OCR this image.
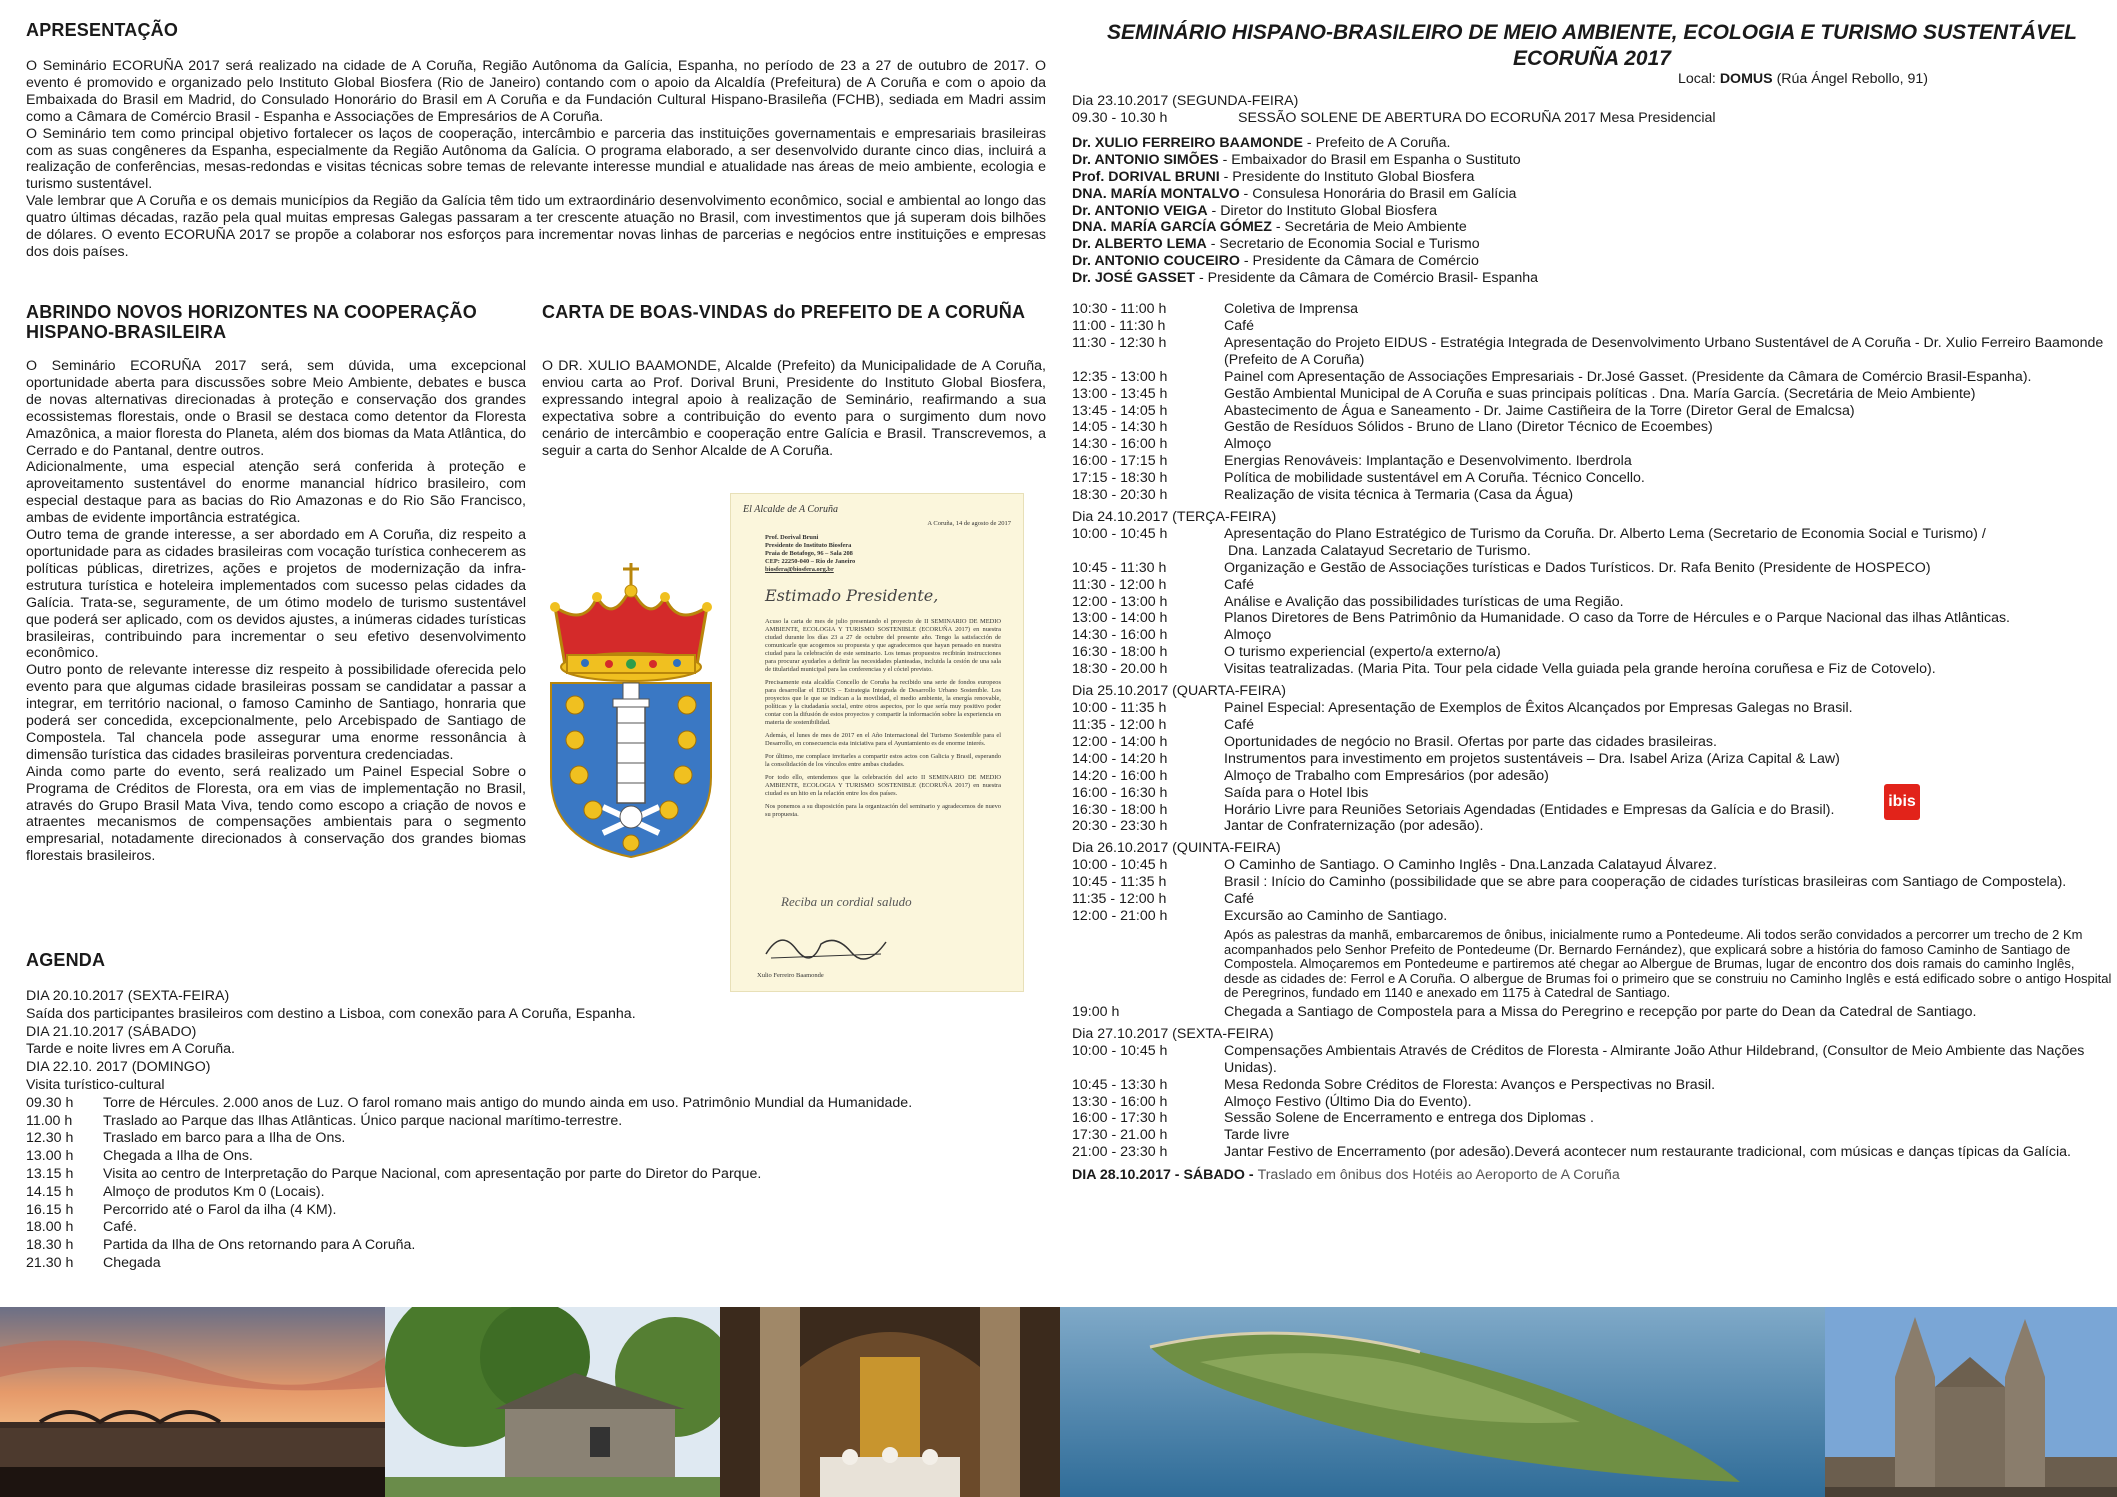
APRESENTAÇÃO

O Seminário ECORUÑA 2017 será realizado na cidade de A Coruña, Região Autônoma da Galícia, Espanha, no período de 23 a 27 de outubro de 2017. O evento é promovido e organizado pelo Instituto Global Biosfera (Rio de Janeiro) contando com o apoio da Alcaldía (Prefeitura) de A Coruña e com o apoio da Embaixada do Brasil em Madrid, do Consulado Honorário do Brasil em A Coruña e da Fundación Cultural Hispano-Brasileña (FCHB), sediada em Madri assim como a Câmara de Comércio Brasil - Espanha e Associações de Empresários de A Coruña.

O Seminário tem como principal objetivo fortalecer os laços de cooperação, intercâmbio e parceria das instituições governamentais e empresariais brasileiras com as suas congêneres da Espanha, especialmente da Região Autônoma da Galícia. O programa elaborado, a ser desenvolvido durante cinco dias, incluirá a realização de conferências, mesas-redondas e visitas técnicas sobre temas de relevante interesse mundial e atualidade nas áreas de meio ambiente, ecologia e turismo sustentável.

Vale lembrar que A Coruña e os demais municípios da Região da Galícia têm tido um extraordinário desenvolvimento econômico, social e ambiental ao longo das quatro últimas décadas, razão pela qual muitas empresas Galegas passaram a ter crescente atuação no Brasil, com investimentos que já superam dois bilhões de dólares. O evento ECORUÑA 2017 se propõe a colaborar nos esforços para incrementar novas linhas de parcerias e negócios entre instituições e empresas dos dois países.

ABRINDO NOVOS HORIZONTES NA COOPERAÇÃO HISPANO-BRASILEIRA

O Seminário ECORUÑA 2017 será, sem dúvida, uma excepcional oportunidade aberta para discussões sobre Meio Ambiente, debates e busca de novas alternativas direcionadas à proteção e conservação dos grandes ecossistemas florestais, onde o Brasil se destaca como detentor da Floresta Amazônica, a maior floresta do Planeta, além dos biomas da Mata Atlântica, do Cerrado e do Pantanal, dentre outros.

Adicionalmente, uma especial atenção será conferida à proteção e aproveitamento sustentável do enorme manancial hídrico brasileiro, com especial destaque para as bacias do Rio Amazonas e do Rio São Francisco, ambas de evidente importância estratégica.

Outro tema de grande interesse, a ser abordado em A Coruña, diz respeito a oportunidade para as cidades brasileiras com vocação turística conhecerem as políticas públicas, diretrizes, ações e projetos de modernização da infra-estrutura turística e hoteleira implementados com sucesso pelas cidades da Galícia. Trata-se, seguramente, de um ótimo modelo de turismo sustentável que poderá ser aplicado, com os devidos ajustes, a inúmeras cidades turísticas brasileiras, contribuindo para incrementar o seu efetivo desenvolvimento econômico.

Outro ponto de relevante interesse diz respeito à possibilidade oferecida pelo evento para que algumas cidade brasileiras possam se candidatar a passar a integrar, em território nacional, o famoso Caminho de Santiago, honraria que poderá ser concedida, excepcionalmente, pelo Arcebispado de Santiago de Compostela. Tal chancela pode assegurar uma enorme ressonância à dimensão turística das cidades brasileiras porventura credenciadas.

Ainda como parte do evento, será realizado um Painel Especial Sobre o Programa de Créditos de Floresta, ora em vias de implementação no Brasil, através do Grupo Brasil Mata Viva, tendo como escopo a criação de novos e atraentes mecanismos de compensações ambientais para o segmento empresarial, notadamente direcionados à conservação dos grandes biomas florestais brasileiros.

CARTA DE BOAS-VINDAS do PREFEITO DE A CORUÑA
O DR. XULIO BAAMONDE, Alcalde (Prefeito) da Municipalidade de A Coruña, enviou carta ao Prof. Dorival Bruni, Presidente do Instituto Global Biosfera, expressando integral apoio à realização de Seminário, reafirmando a sua expectativa sobre a contribuição do evento para o surgimento dum novo cenário de intercâmbio e cooperação entre Galícia e Brasil. Transcrevemos, a seguir a carta do Senhor Alcalde de A Coruña.
El Alcalde de A Coruña
A Coruña, 14 de agosto de 2017
Prof. Dorival Bruni
Presidente do Instituto Biosfera
Praia de Botafogo, 96 – Sala 208
CEP: 22250-040 – Rio de Janeiro
biosfera@biosfera.org.br
Estimado Presidente,

Acuso la carta de mes de julio presentando el proyecto de II SEMINARIO DE MEDIO AMBIENTE, ECOLOGIA Y TURISMO SOSTENIBLE (ECORUÑA 2017) en nuestra ciudad durante los días 23 a 27 de octubre del presente año. Tengo la satisfacción de comunicarle que acogemos su propuesta y que agradecemos que hayan pensado en nuestra ciudad para la celebración de este seminario. Los temas propuestos recibirán instrucciones para procurar ayudarles a definir las necesidades planteadas, incluida la cesión de una sala de titularidad municipal para las conferencias y el cóctel previsto.

Precisamente esta alcaldía Concello de Coruña ha recibido una serie de fondos europeos para desarrollar el EIDUS – Estrategia Integrada de Desarrollo Urbano Sostenible. Los proyectos que le que se indican a la movilidad, el medio ambiente, la energía renovable, políticas y la ciudadanía social, entre otros aspectos, por lo que sería muy positivo poder contar con la difusión de estos proyectos y compartir la información sobre la experiencia en materia de sostenibilidad.

Además, el lunes de mes de 2017 en el Año Internacional del Turismo Sostenible para el Desarrollo, en consecuencia esta iniciativa para el Ayuntamiento es de enorme interés.

Por último, me complace invitarles a compartir estos actos con Galicia y Brasil, esperando la consolidación de los vínculos entre ambas ciudades.

Por todo ello, entendemos que la celebración del acto II SEMINARIO DE MEDIO AMBIENTE, ECOLOGIA Y TURISMO SOSTENIBLE (ECORUÑA 2017) en nuestra ciudad es un hito en la relación entre los dos países.

Nos ponemos a su disposición para la organización del seminario y agradecemos de nuevo su propuesta.

Reciba un cordial saludo
Xulio Ferreiro Baamonde
AGENDA
DIA 20.10.2017 (SEXTA-FEIRA)
Saída dos participantes brasileiros com destino a Lisboa, com conexão para A Coruña, Espanha.
DIA 21.10.2017 (SÁBADO)
Tarde e noite livres em A Coruña.
DIA 22.10. 2017 (DOMINGO)
Visita turístico-cultural
09.30 h Torre de Hércules. 2.000 anos de Luz. O farol romano mais antigo do mundo ainda em uso. Patrimônio Mundial da Humanidade.
11.00 h Traslado ao Parque das Ilhas Atlânticas. Único parque nacional marítimo-terrestre.
12.30 h Traslado em barco para a Ilha de Ons.
13.00 h Chegada a Ilha de Ons.
13.15 h Visita ao centro de Interpretação do Parque Nacional, com apresentação por parte do Diretor do Parque.
14.15 h Almoço de produtos Km 0 (Locais).
16.15 h Percorrido até o Farol da ilha (4 KM).
18.00 h Café.
18.30 h Partida da Ilha de Ons retornando para A Coruña.
21.30 h Chegada
SEMINÁRIO HISPANO-BRASILEIRO DE MEIO AMBIENTE, ECOLOGIA E TURISMO SUSTENTÁVEL
ECORUÑA 2017
Local: DOMUS (Rúa Ángel Rebollo, 91)
Dia 23.10.2017 (SEGUNDA-FEIRA)
09.30 - 10.30 h	SESSÃO SOLENE DE ABERTURA DO ECORUÑA 2017 Mesa Presidencial
Dr. XULIO FERREIRO BAAMONDE - Prefeito de A Coruña.
Dr. ANTONIO SIMÕES - Embaixador do Brasil em Espanha o Sustituto
Prof. DORIVAL BRUNI - Presidente do Instituto Global Biosfera
DNA. MARÍA MONTALVO - Consulesa Honorária do Brasil em Galícia
Dr. ANTONIO VEIGA - Diretor do Instituto Global Biosfera
DNA. MARÍA GARCÍA GÓMEZ - Secretária de Meio Ambiente
Dr. ALBERTO LEMA - Secretario de Economia Social e Turismo
Dr. ANTONIO COUCEIRO - Presidente da Câmara de Comércio
Dr. JOSÉ GASSET - Presidente da Câmara de Comércio Brasil- Espanha
10:30 - 11:00 h	Coletiva de Imprensa
11:00 - 11:30 h	Café
11:30 - 12:30 h	Apresentação do Projeto EIDUS - Estratégia Integrada de Desenvolvimento Urbano Sustentável de A Coruña - Dr. Xulio Ferreiro Baamonde (Prefeito de A Coruña)
12:35 - 13:00 h	Painel com Apresentação de Associações Empresariais - Dr.José Gasset. (Presidente da Câmara de Comércio Brasil-Espanha).
13:00 - 13:45 h	Gestão Ambiental Municipal de A Coruña e suas principais políticas . Dna. María García. (Secretária de Meio Ambiente)
13:45 - 14:05 h	Abastecimento de Água e Saneamento - Dr. Jaime Castiñeira de la Torre (Diretor Geral de Emalcsa)
14:05 - 14:30 h	Gestão de Resíduos Sólidos - Bruno de Llano (Diretor Técnico de Ecoembes)
14:30 - 16:00 h	Almoço
16:00 - 17:15 h	Energias Renováveis: Implantação e Desenvolvimento. Iberdrola
17:15 - 18:30 h	Política de mobilidade sustentável em A Coruña. Técnico Concello.
18:30 - 20:30 h	Realização de visita técnica à Termaria (Casa da Água)
Dia 24.10.2017 (TERÇA-FEIRA)
10:00 - 10:45 h	Apresentação do Plano Estratégico de Turismo da Coruña. Dr. Alberto Lema (Secretario de Economia Social e Turismo) /
Dna. Lanzada Calatayud Secretario de Turismo.
10:45 - 11:30 h	Organização e Gestão de Associações turísticas e Dados Turísticos. Dr. Rafa Benito (Presidente de HOSPECO)
11:30 - 12:00 h	Café
12:00 - 13:00 h	Análise e Avalição das possibilidades turísticas de uma Região.
13:00 - 14:00 h	Planos Diretores de Bens Patrimônio da Humanidade. O caso da Torre de Hércules e o Parque Nacional das ilhas Atlânticas.
14:30 - 16:00 h	Almoço
16:30 - 18:00 h	O turismo experiencial (experto/a externo/a)
18:30 - 20.00 h	Visitas teatralizadas. (Maria Pita. Tour pela cidade Vella guiada pela grande heroína coruñesa e Fiz de Cotovelo).
Dia 25.10.2017 (QUARTA-FEIRA)
10:00 - 11:35 h	Painel Especial: Apresentação de Exemplos de Êxitos Alcançados por Empresas Galegas no Brasil.
11:35 - 12:00 h	Café
12:00 - 14:00 h	Oportunidades de negócio no Brasil. Ofertas por parte das cidades brasileiras.
14:00 - 14:20 h	Instrumentos para investimento em projetos sustentáveis – Dra. Isabel Ariza (Ariza Capital & Law)
14:20 - 16:00 h	Almoço de Trabalho com Empresários (por adesão)
16:00 - 16:30 h	Saída para o Hotel Ibis
16:30 - 18:00 h	Horário Livre para Reuniões Setoriais Agendadas (Entidades e Empresas da Galícia e do Brasil).
20:30 - 23:30 h	Jantar de Confraternização (por adesão).
ibis
Dia 26.10.2017 (QUINTA-FEIRA)
10:00 - 10:45 h	O Caminho de Santiago. O Caminho Inglês - Dna.Lanzada Calatayud Álvarez.
10:45 - 11:35 h	Brasil : Início do Caminho (possibilidade que se abre para cooperação de cidades turísticas brasileiras com Santiago de Compostela).
11:35 - 12:00 h	Café
12:00 - 21:00 h	Excursão ao Caminho de Santiago.
Após as palestras da manhã, embarcaremos de ônibus, inicialmente rumo a Pontedeume. Ali todos serão convidados a percorrer um trecho de 2 Km acompanhados pelo Senhor Prefeito de Pontedeume (Dr. Bernardo Fernández), que explicará sobre a história do famoso Caminho de Santiago de Compostela. Almoçaremos em Pontedeume e partiremos até chegar ao Albergue de Brumas, lugar de encontro dos dois ramais do caminho Inglês, desde as cidades de: Ferrol e A Coruña. O albergue de Brumas foi o primeiro que se construiu no Caminho Inglês e está edificado sobre o antigo Hospital de Peregrinos, fundado em 1140 e anexado em 1175 à Catedral de Santiago.
19:00 h	Chegada a Santiago de Compostela para a Missa do Peregrino e recepção por parte do Dean da Catedral de Santiago.
Dia 27.10.2017 (SEXTA-FEIRA)
10:00 - 10:45 h	Compensações Ambientais Através de Créditos de Floresta - Almirante João Athur Hildebrand, (Consultor de Meio Ambiente das Nações Unidas).
10:45 - 13:30 h	Mesa Redonda Sobre Créditos de Floresta: Avanços e Perspectivas no Brasil.
13:30 - 16:00 h	Almoço Festivo (Último Dia do Evento).
16:00 - 17:30 h	Sessão Solene de Encerramento e entrega dos Diplomas .
17:30 - 21.00 h	Tarde livre
21:00 - 23:30 h	Jantar Festivo de Encerramento (por adesão).Deverá acontecer num restaurante tradicional, com músicas e danças típicas da Galícia.
DIA 28.10.2017 - SÁBADO - Traslado em ônibus dos Hotéis ao Aeroporto de A Coruña
